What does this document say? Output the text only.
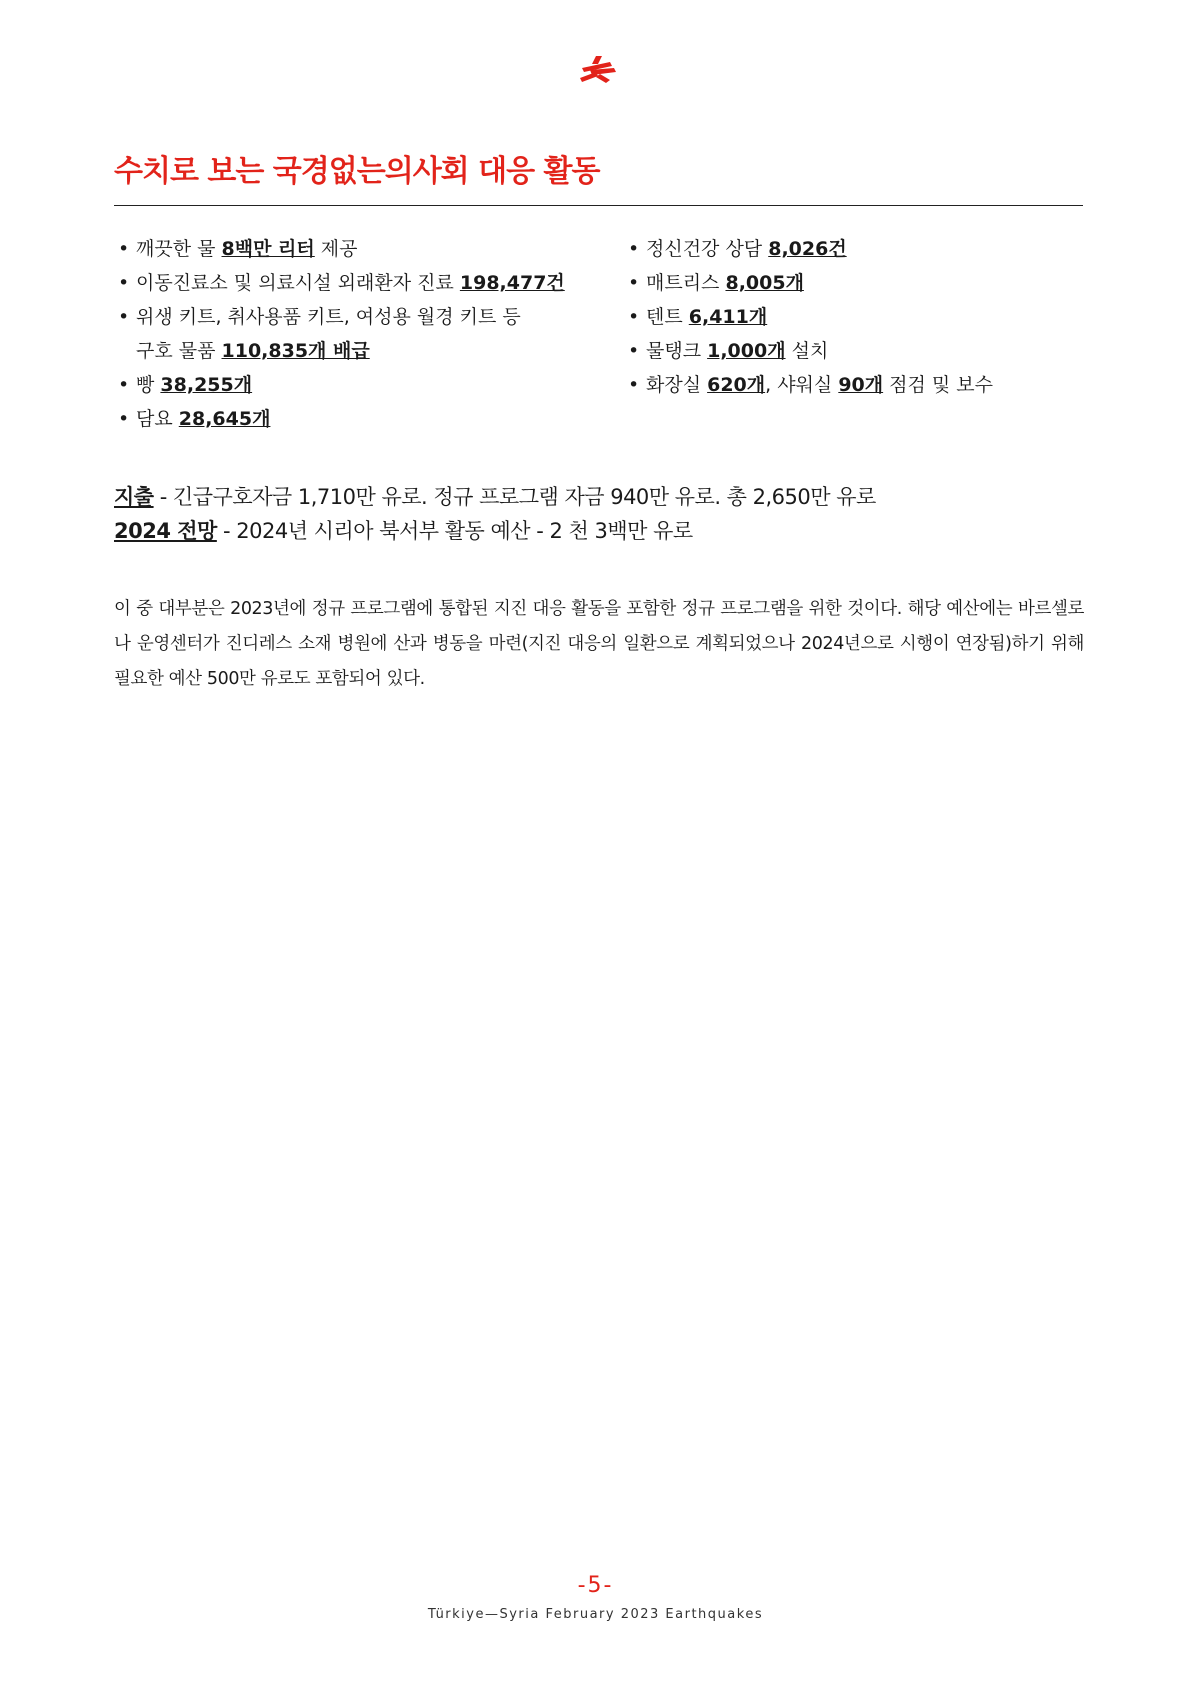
수치로 보는 국경없는의사회 대응 활동
• 깨끗한 물 8백만 리터 제공
• 이동진료소 및 의료시설 외래환자 진료 198,477건
• 위생 키트, 취사용품 키트, 여성용 월경 키트 등
구호 물품 110,835개 배급
• 빵 38,255개
• 담요 28,645개
• 정신건강 상담 8,026건
• 매트리스 8,005개
• 텐트 6,411개
• 물탱크 1,000개 설치
• 화장실 620개, 샤워실 90개 점검 및 보수
지출 - 긴급구호자금 1,710만 유로. 정규 프로그램 자금 940만 유로. 총 2,650만 유로
2024 전망 - 2024년 시리아 북서부 활동 예산 - 2 천 3백만 유로

이 중 대부분은 2023년에 정규 프로그램에 통합된 지진 대응 활동을 포함한 정규 프로그램을 위한 것이다. 해당 예산에는 바르셀로나 운영센터가 진디레스 소재 병원에 산과 병동을 마련(지진 대응의 일환으로 계획되었으나 2024년으로 시행이 연장됨)하기 위해 필요한 예산 500만 유로도 포함되어 있다.

-5-
Türkiye—Syria February 2023 Earthquakes
